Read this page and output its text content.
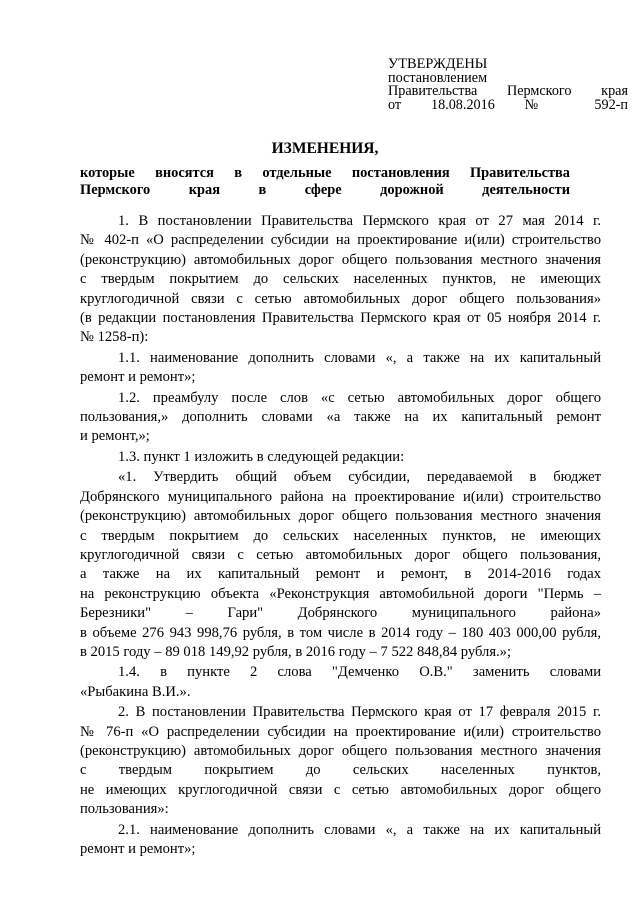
УТВЕРЖДЕНЫ
постановлением
Правительства Пермского края
от 18.08.2016 № 592-п
ИЗМЕНЕНИЯ,
которые вносятся в отдельные постановления Правительства
Пермского края в сфере дорожной деятельности
1. В постановлении Правительства Пермского края от 27 мая 2014 г.
№ 402-п «О распределении субсидии на проектирование и(или) строительство
(реконструкцию) автомобильных дорог общего пользования местного значения
с твердым покрытием до сельских населенных пунктов, не имеющих
круглогодичной связи с сетью автомобильных дорог общего пользования»
(в редакции постановления Правительства Пермского края от 05 ноября 2014 г.
№ 1258-п):
1.1. наименование дополнить словами «, а также на их капитальный
ремонт и ремонт»;
1.2. преамбулу после слов «с сетью автомобильных дорог общего
пользования,» дополнить словами «а также на их капитальный ремонт
и ремонт,»;
1.3. пункт 1 изложить в следующей редакции:
«1. Утвердить общий объем субсидии, передаваемой в бюджет
Добрянского муниципального района на проектирование и(или) строительство
(реконструкцию) автомобильных дорог общего пользования местного значения
с твердым покрытием до сельских населенных пунктов, не имеющих
круглогодичной связи с сетью автомобильных дорог общего пользования,
а также на их капитальный ремонт и ремонт, в 2014-2016 годах
на реконструкцию объекта «Реконструкция автомобильной дороги "Пермь –
Березники" – Гари" Добрянского муниципального района»
в объеме 276 943 998,76 рубля, в том числе в 2014 году – 180 403 000,00 рубля,
в 2015 году – 89 018 149,92 рубля, в 2016 году – 7 522 848,84 рубля.»;
1.4. в пункте 2 слова "Демченко О.В." заменить словами
«Рыбакина В.И.».
2. В постановлении Правительства Пермского края от 17 февраля 2015 г.
№ 76-п «О распределении субсидии на проектирование и(или) строительство
(реконструкцию) автомобильных дорог общего пользования местного значения
с твердым покрытием до сельских населенных пунктов,
не имеющих круглогодичной связи с сетью автомобильных дорог общего
пользования»:
2.1. наименование дополнить словами «, а также на их капитальный
ремонт и ремонт»;
